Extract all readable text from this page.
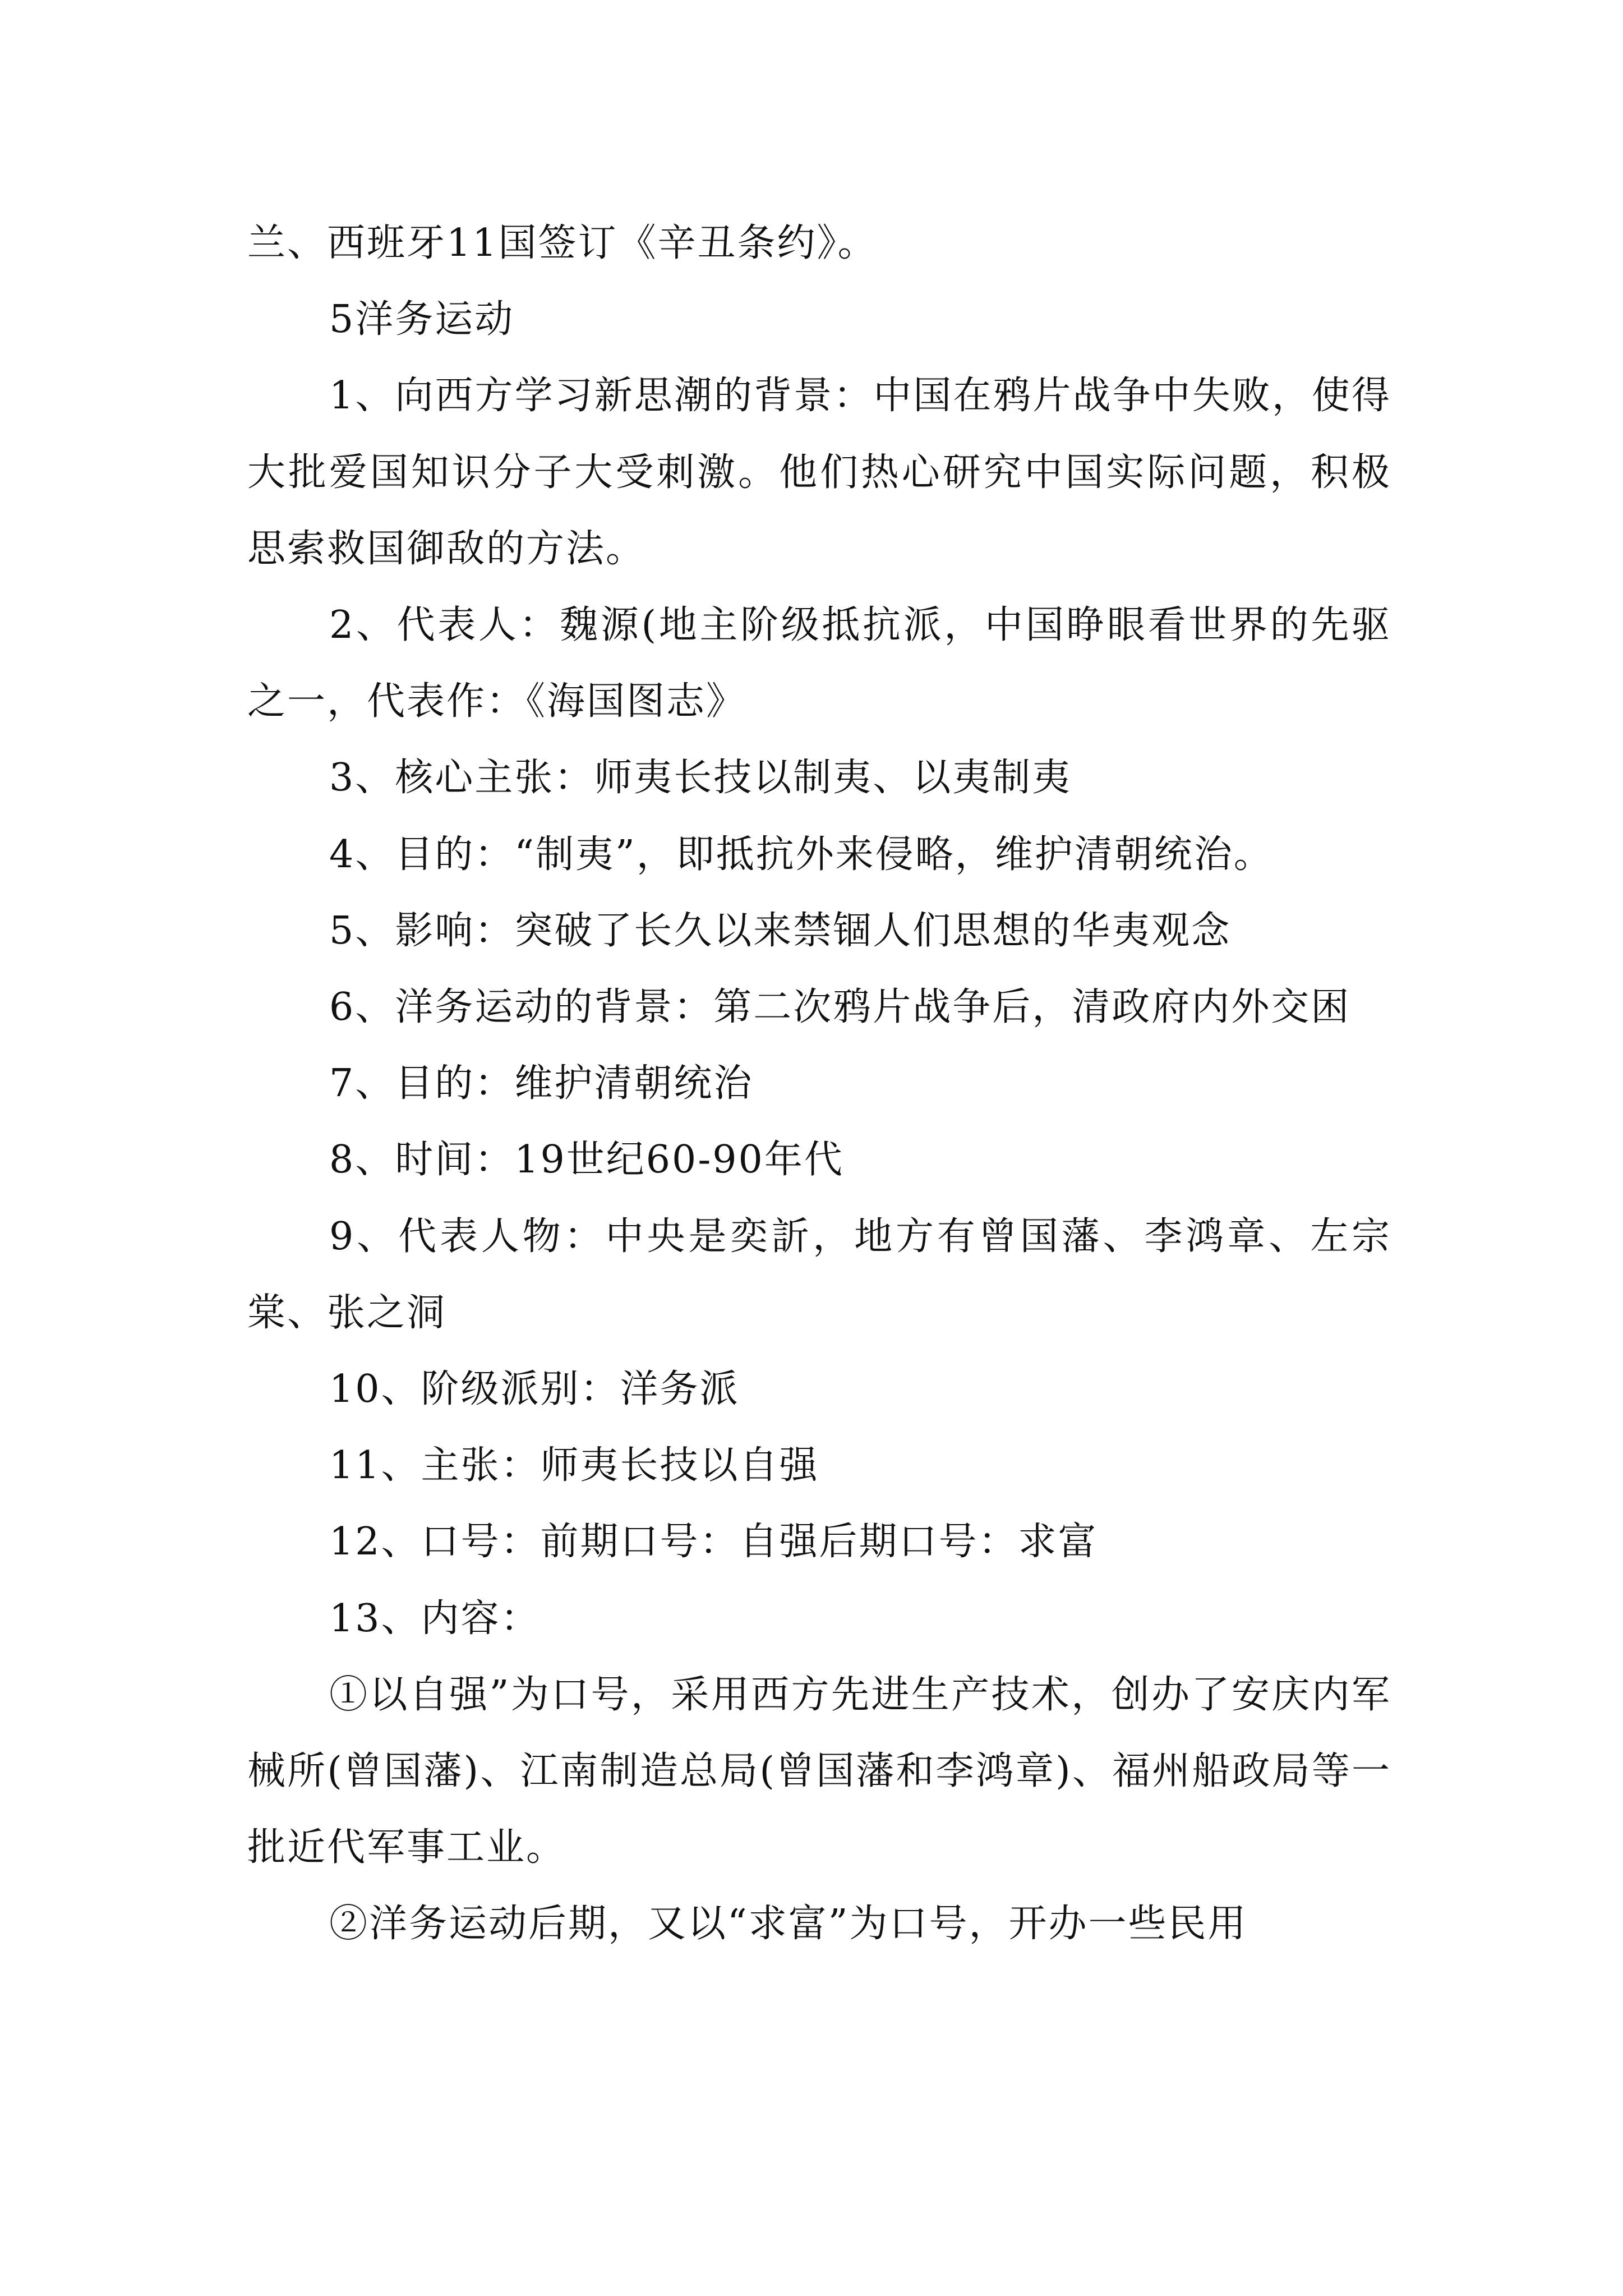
兰、西班牙11国签订《辛丑条约》。

5洋务运动

1、向西方学习新思潮的背景：中国在鸦片战争中失败，使得大批爱国知识分子大受刺激。他们热心研究中国实际问题，积极思索救国御敌的方法。

2、代表人：魏源(地主阶级抵抗派，中国睁眼看世界的先驱之一，代表作：《海国图志》

3、核心主张：师夷长技以制夷、以夷制夷

4、目的：“制夷”，即抵抗外来侵略，维护清朝统治。

5、影响：突破了长久以来禁锢人们思想的华夷观念

6、洋务运动的背景：第二次鸦片战争后，清政府内外交困

7、目的：维护清朝统治

8、时间：19世纪60-90年代

9、代表人物：中央是奕訢，地方有曾国藩、李鸿章、左宗棠、张之洞

10、阶级派别：洋务派

11、主张：师夷长技以自强

12、口号：前期口号：自强后期口号：求富

13、内容：

①以自强”为口号，采用西方先进生产技术，创办了安庆内军械所(曾国藩)、江南制造总局(曾国藩和李鸿章)、福州船政局等一批近代军事工业。

②洋务运动后期，又以“求富”为口号，开办一些民用
